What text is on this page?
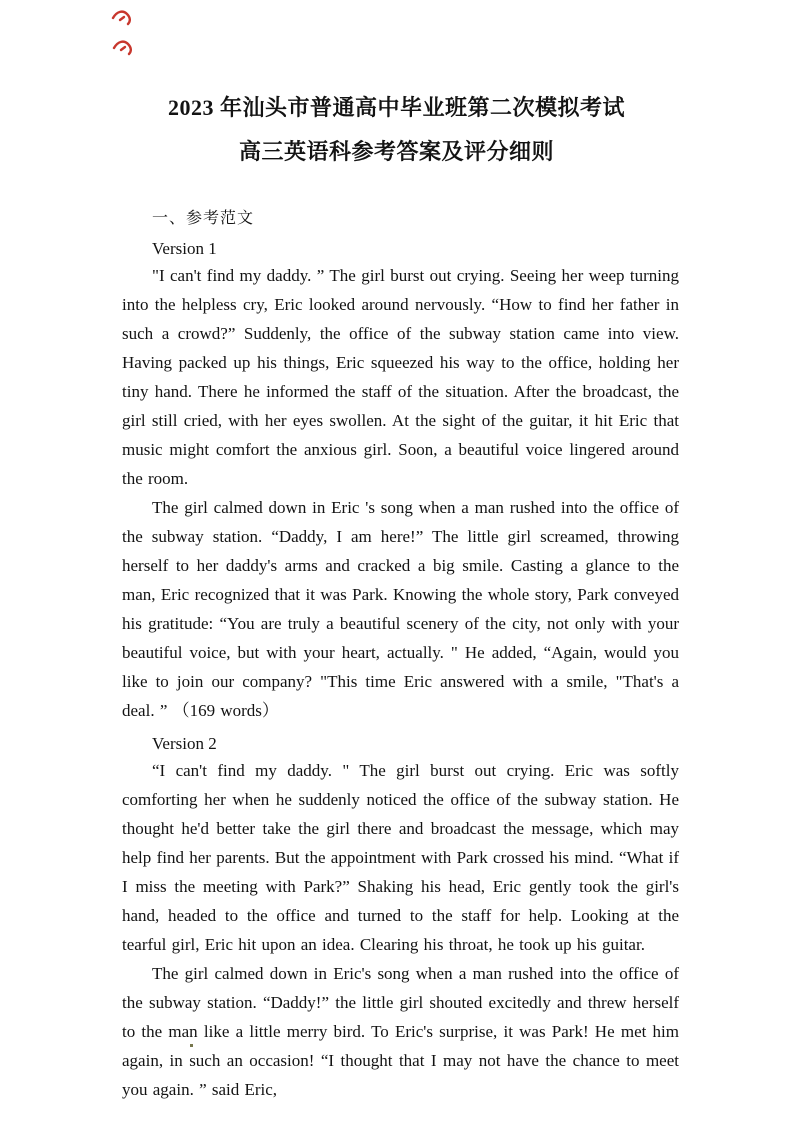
2023 年汕头市普通高中毕业班第二次模拟考试
高三英语科参考答案及评分细则
一、参考范文
Version 1

"I can't find my daddy. ” The girl burst out crying. Seeing her weep turning into the helpless cry, Eric looked around nervously. “How to find her father in such a crowd?” Suddenly, the office of the subway station came into view. Having packed up his things, Eric squeezed his way to the office, holding her tiny hand. There he informed the staff of the situation. After the broadcast, the girl still cried, with her eyes swollen. At the sight of the guitar, it hit Eric that music might comfort the anxious girl. Soon, a beautiful voice lingered around the room.

The girl calmed down in Eric 's song when a man rushed into the office of the subway station. “Daddy, I am here!” The little girl screamed, throwing herself to her daddy's arms and cracked a big smile. Casting a glance to the man, Eric recognized that it was Park. Knowing the whole story, Park conveyed his gratitude: “You are truly a beautiful scenery of the city, not only with your beautiful voice, but with your heart, actually. " He added, “Again, would you like to join our company? "This time Eric answered with a smile, "That's a deal. ” （169 words）

Version 2

“I can't find my daddy. " The girl burst out crying. Eric was softly comforting her when he suddenly noticed the office of the subway station. He thought he'd better take the girl there and broadcast the message, which may help find her parents. But the appointment with Park crossed his mind. “What if I miss the meeting with Park?” Shaking his head, Eric gently took the girl's hand, headed to the office and turned to the staff for help. Looking at the tearful girl, Eric hit upon an idea. Clearing his throat, he took up his guitar.

The girl calmed down in Eric's song when a man rushed into the office of the subway station. “Daddy!” the little girl shouted excitedly and threw herself to the man like a little merry bird. To Eric's surprise, it was Park! He met him again, in such an occasion! “I thought that I may not have the chance to meet you again. ” said Eric,
